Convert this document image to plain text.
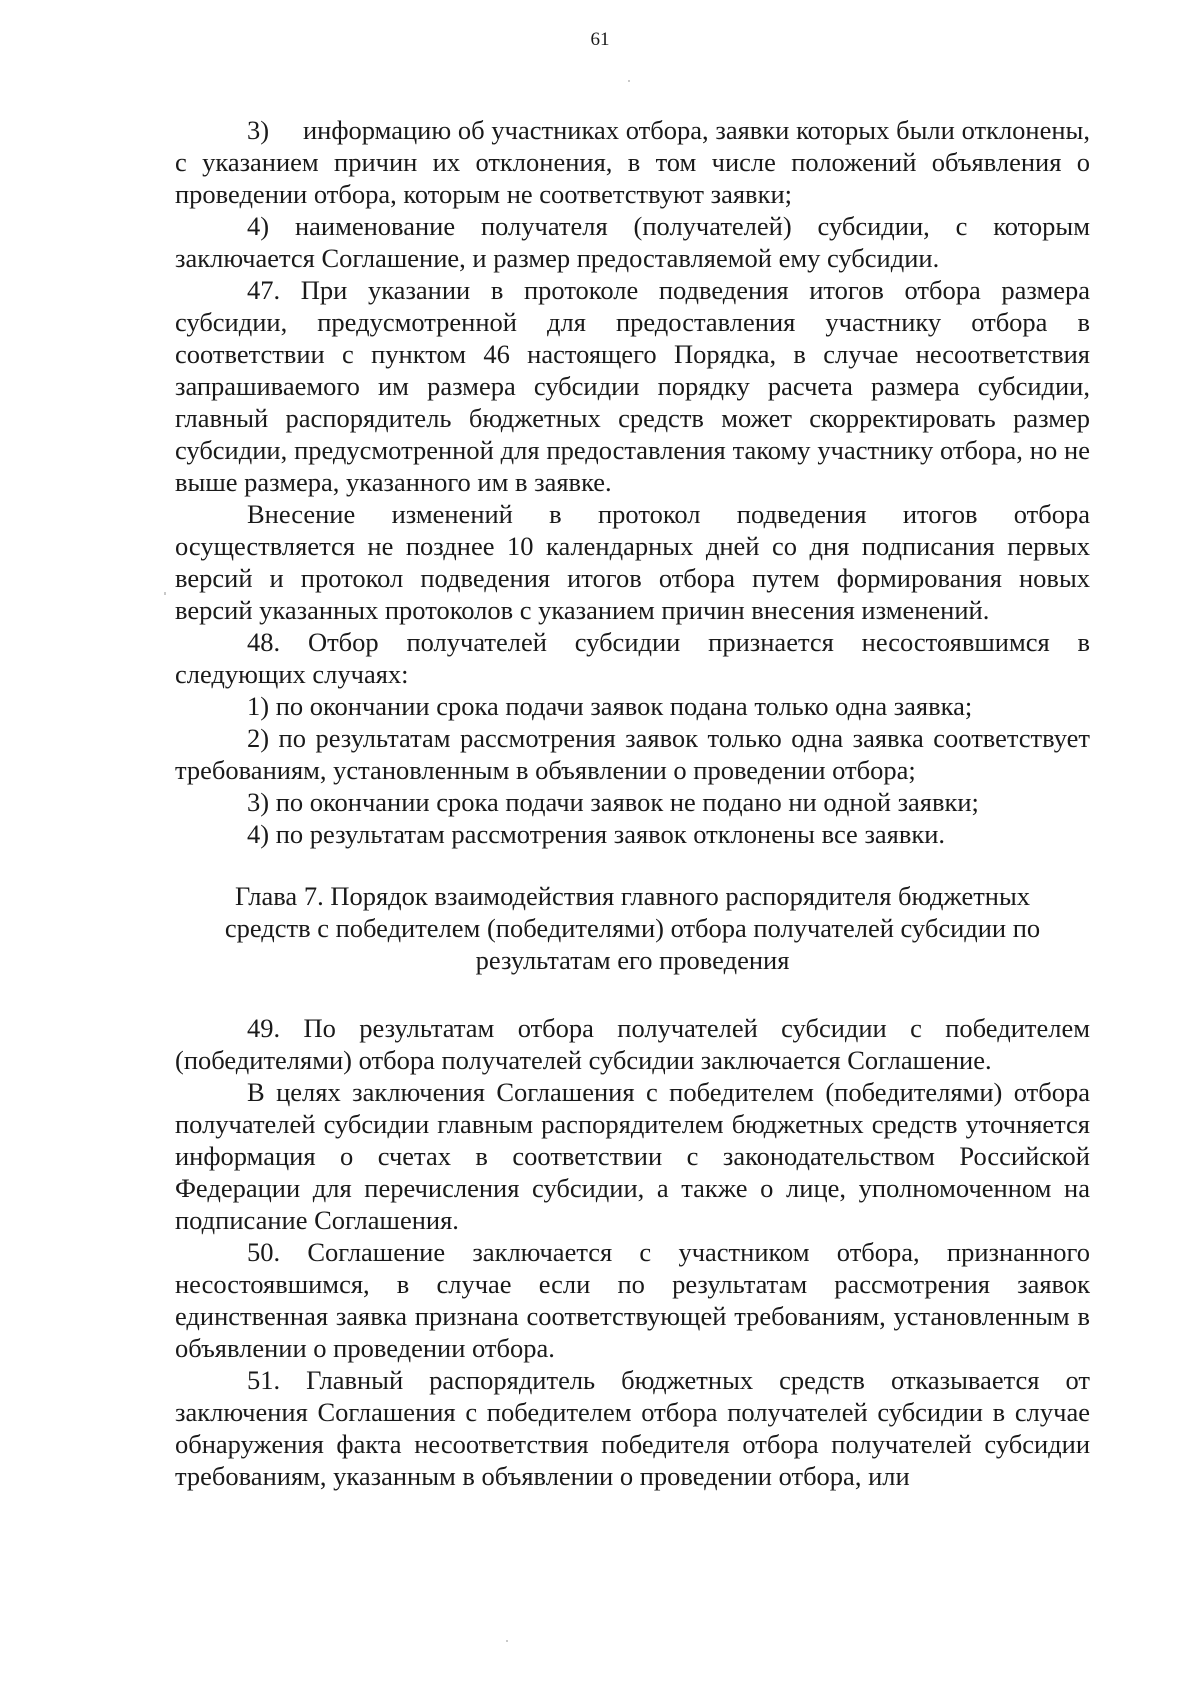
61

3)     информацию об участниках отбора, заявки которых были отклонены, с указанием причин их отклонения, в том числе положений объявления о проведении отбора, которым не соответствуют заявки;

4) наименование получателя (получателей) субсидии, с которым заключается Соглашение, и размер предоставляемой ему субсидии.

47. При указании в протоколе подведения итогов отбора размера субсидии, предусмотренной для предоставления участнику отбора в соответствии с пунктом 46 настоящего Порядка, в случае несоответствия запрашиваемого им размера субсидии порядку расчета размера субсидии, главный распорядитель бюджетных средств может скорректировать размер субсидии, предусмотренной для предоставления такому участнику отбора, но не выше размера, указанного им в заявке.

Внесение изменений в протокол подведения итогов отбора осуществляется не позднее 10 календарных дней со дня подписания первых версий и протокол подведения итогов отбора путем формирования новых версий указанных протоколов с указанием причин внесения изменений.

48. Отбор получателей субсидии признается несостоявшимся в следующих случаях:

1) по окончании срока подачи заявок подана только одна заявка;

2) по результатам рассмотрения заявок только одна заявка соответствует требованиям, установленным в объявлении о проведении отбора;

3) по окончании срока подачи заявок не подано ни одной заявки;

4) по результатам рассмотрения заявок отклонены все заявки.

Глава 7. Порядок взаимодействия главного распорядителя бюджетных средств с победителем (победителями) отбора получателей субсидии по результатам его проведения

49. По результатам отбора получателей субсидии с победителем (победителями) отбора получателей субсидии заключается Соглашение.

В целях заключения Соглашения с победителем (победителями) отбора получателей субсидии главным распорядителем бюджетных средств уточняется информация о счетах в соответствии с законодательством Российской Федерации для перечисления субсидии, а также о лице, уполномоченном на подписание Соглашения.

50. Соглашение заключается с участником отбора, признанного несостоявшимся, в случае если по результатам рассмотрения заявок единственная заявка признана соответствующей требованиям, установленным в объявлении о проведении отбора.

51. Главный распорядитель бюджетных средств отказывается от заключения Соглашения с победителем отбора получателей субсидии в случае обнаружения факта несоответствия победителя отбора получателей субсидии требованиям, указанным в объявлении о проведении отбора, или
